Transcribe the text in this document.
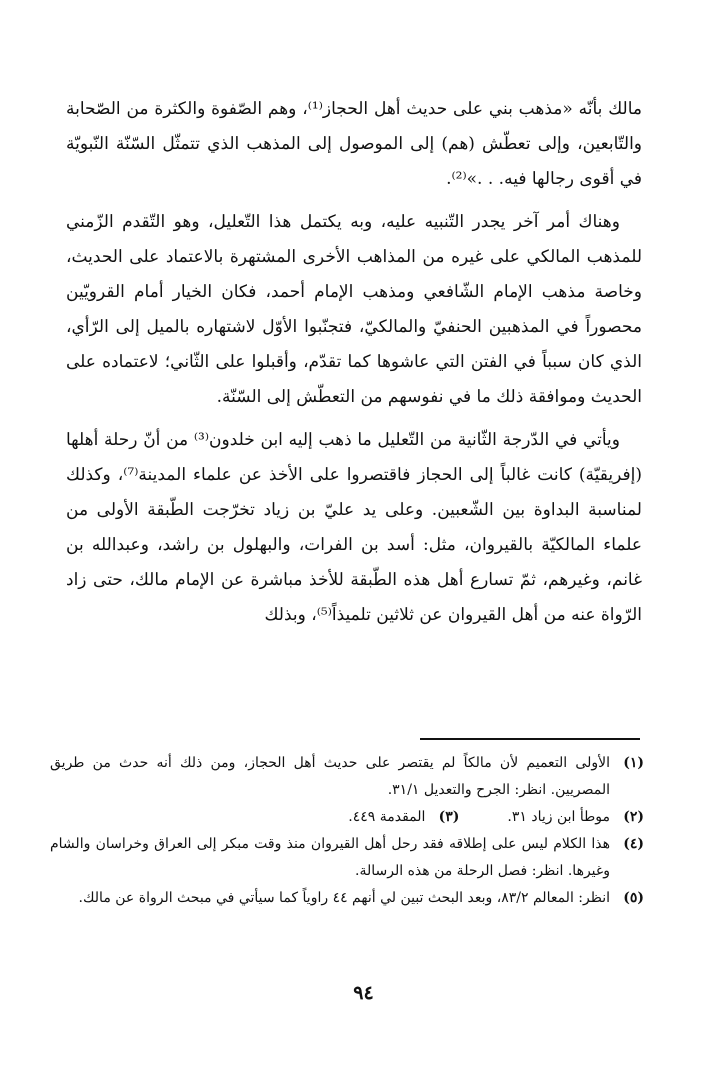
مالك بأنّه «مذهب بني على حديث أهل الحجاز⁽¹⁾، وهم الصّفوة والكثرة من الصّحابة والتّابعين، وإلى تعطّش (هم) إلى الموصول إلى المذهب الذي تتمثّل السّنّة النّبويّة في أقوى رجالها فيه. . .»⁽²⁾.

وهناك أمر آخر يجدر التّنبيه عليه، وبه يكتمل هذا التّعليل، وهو التّقدم الزّمني للمذهب المالكي على غيره من المذاهب الأخرى المشتهرة بالاعتماد على الحديث، وخاصة مذهب الإمام الشّافعي ومذهب الإمام أحمد، فكان الخيار أمام القرويّين محصوراً في المذهبين الحنفيّ والمالكيّ، فتجنّبوا الأوّل لاشتهاره بالميل إلى الرّأي، الذي كان سبباً في الفتن التي عاشوها كما تقدّم، وأقبلوا على الثّاني؛ لاعتماده على الحديث وموافقة ذلك ما في نفوسهم من التعطّش إلى السّنّة.

ويأتي في الدّرجة الثّانية من التّعليل ما ذهب إليه ابن خلدون⁽³⁾ من أنّ رحلة أهلها (إفريقيّة) كانت غالباً إلى الحجاز فاقتصروا على الأخذ عن علماء المدينة⁽⁷⁾، وكذلك لمناسبة البداوة بين الشّعبين. وعلى يد عليّ بن زياد تخرّجت الطّبقة الأولى من علماء المالكيّة بالقيروان، مثل: أسد بن الفرات، والبهلول بن راشد، وعبدالله بن غانم، وغيرهم، ثمّ تسارع أهل هذه الطّبقة للأخذ مباشرة عن الإمام مالك، حتى زاد الرّواة عنه من أهل القيروان عن ثلاثين تلميذاً⁽⁵⁾، وبذلك

(١)
الأولى التعميم لأن مالكاً لم يقتصر على حديث أهل الحجاز، ومن ذلك أنه حدث من طريق المصريين. انظر: الجرح والتعديل ٣١/١.
(٢)
موطأ ابن زياد ٣١.
(٣)
المقدمة ٤٤٩.
(٤)
هذا الكلام ليس على إطلاقه فقد رحل أهل القيروان منذ وقت مبكر إلى العراق وخراسان والشام وغيرها. انظر: فصل الرحلة من هذه الرسالة.
(٥)
انظر: المعالم ٨٣/٢، وبعد البحث تبين لي أنهم ٤٤ راوياً كما سيأتي في مبحث الرواة عن مالك.
٩٤
